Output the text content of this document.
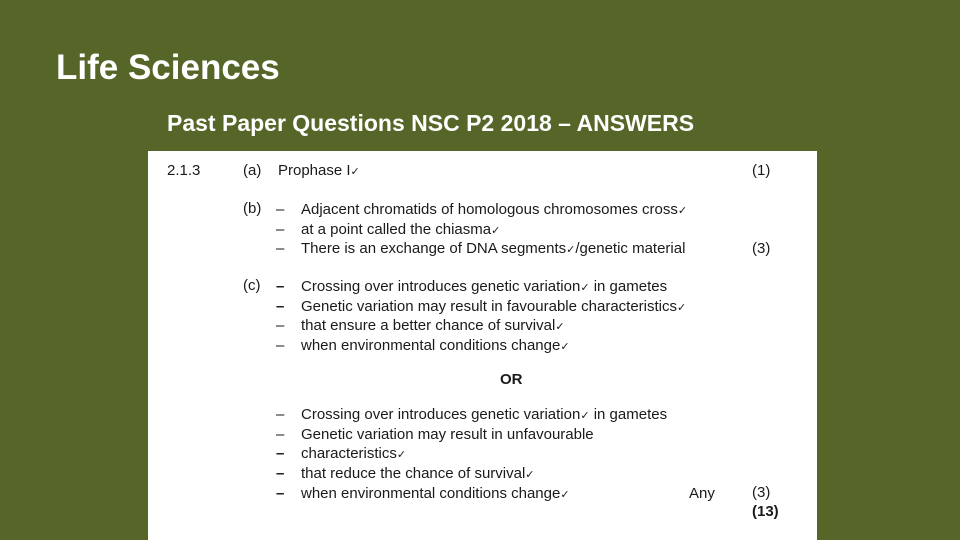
Life Sciences
Past Paper Questions NSC P2 2018 – ANSWERS
2.1.3	(a) Prophase I✓	(1)
(b) – Adjacent chromatids of homologous chromosomes cross✓
– at a point called the chiasma✓
– There is an exchange of DNA segments✓/genetic material	(3)
(c) – Crossing over introduces genetic variation✓ in gametes
– Genetic variation may result in favourable characteristics✓
– that ensure a better chance of survival✓
– when environmental conditions change✓
OR
– Crossing over introduces genetic variation✓ in gametes
– Genetic variation may result in unfavourable
– characteristics✓
– that reduce the chance of survival✓
– when environmental conditions change✓	Any (3)
(13)
